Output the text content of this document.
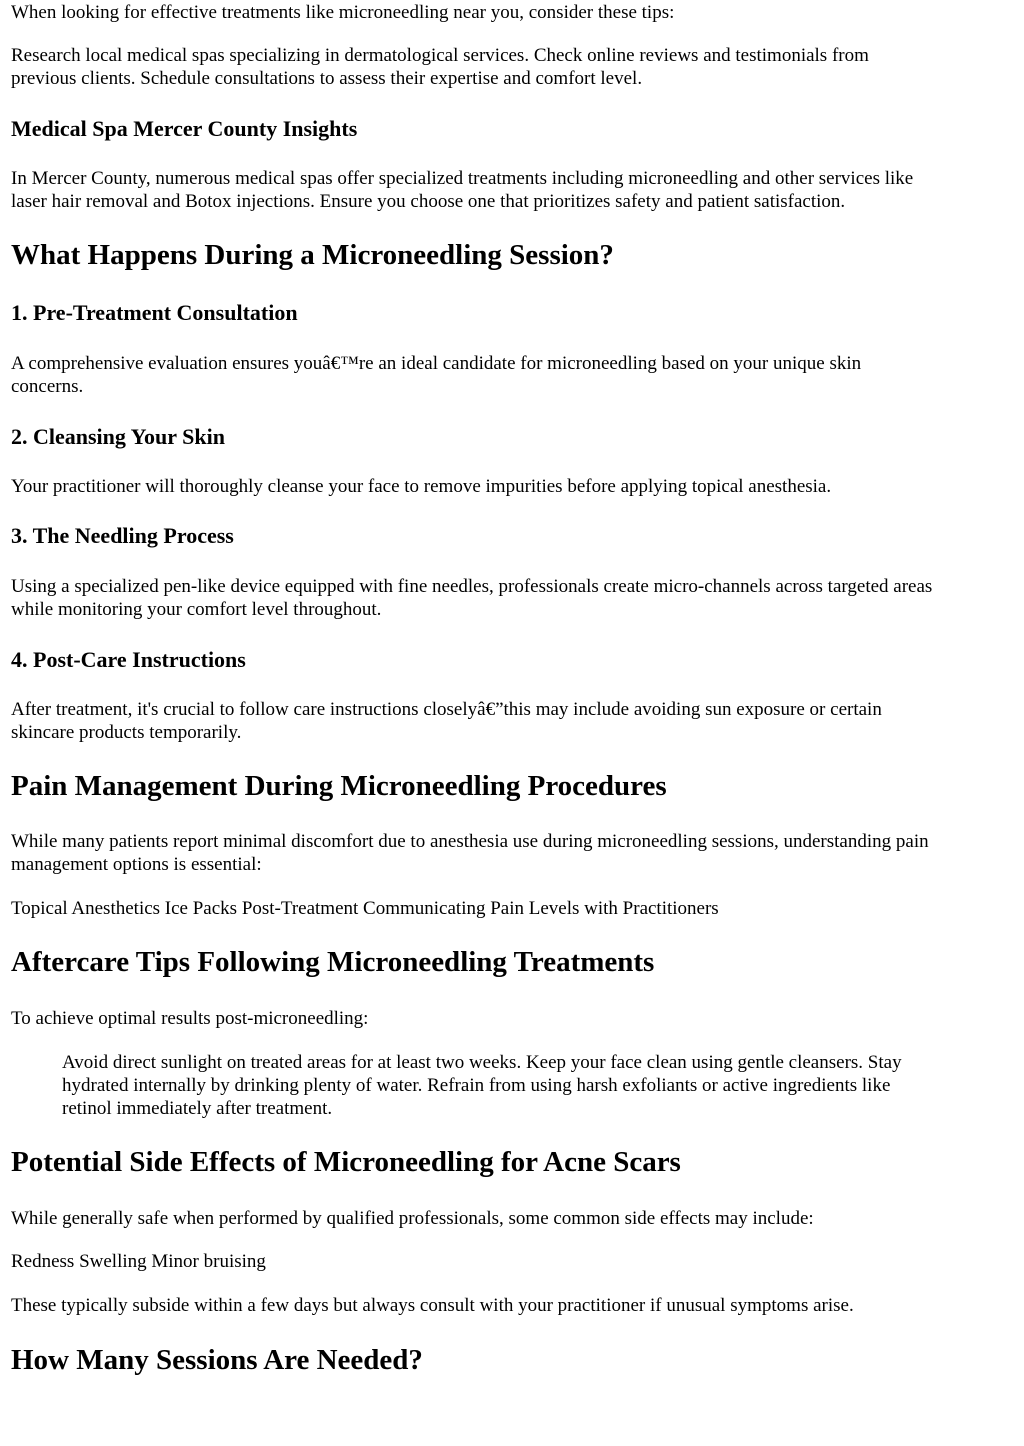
When looking for effective treatments like microneedling near you, consider these tips:

Research local medical spas specializing in dermatological services. Check online reviews and testimonials from

previous clients. Schedule consultations to assess their expertise and comfort level.

Medical Spa Mercer County Insights

In Mercer County, numerous medical spas offer specialized treatments including microneedling and other services like

laser hair removal and Botox injections. Ensure you choose one that prioritizes safety and patient satisfaction.

What Happens During a Microneedling Session?
1. Pre-Treatment Consultation

A comprehensive evaluation ensures youâ€™re an ideal candidate for microneedling based on your unique skin

concerns.

2. Cleansing Your Skin

Your practitioner will thoroughly cleanse your face to remove impurities before applying topical anesthesia.

3. The Needling Process

Using a specialized pen-like device equipped with fine needles, professionals create micro-channels across targeted areas

while monitoring your comfort level throughout.

4. Post-Care Instructions

After treatment, it's crucial to follow care instructions closelyâ€”this may include avoiding sun exposure or certain

skincare products temporarily.

Pain Management During Microneedling Procedures

While many patients report minimal discomfort due to anesthesia use during microneedling sessions, understanding pain

management options is essential:

Topical Anesthetics Ice Packs Post-Treatment Communicating Pain Levels with Practitioners

Aftercare Tips Following Microneedling Treatments

To achieve optimal results post-microneedling:

Avoid direct sunlight on treated areas for at least two weeks. Keep your face clean using gentle cleansers. Stay

hydrated internally by drinking plenty of water. Refrain from using harsh exfoliants or active ingredients like

retinol immediately after treatment.

Potential Side Effects of Microneedling for Acne Scars

While generally safe when performed by qualified professionals, some common side effects may include:

Redness Swelling Minor bruising

These typically subside within a few days but always consult with your practitioner if unusual symptoms arise.

How Many Sessions Are Needed?
